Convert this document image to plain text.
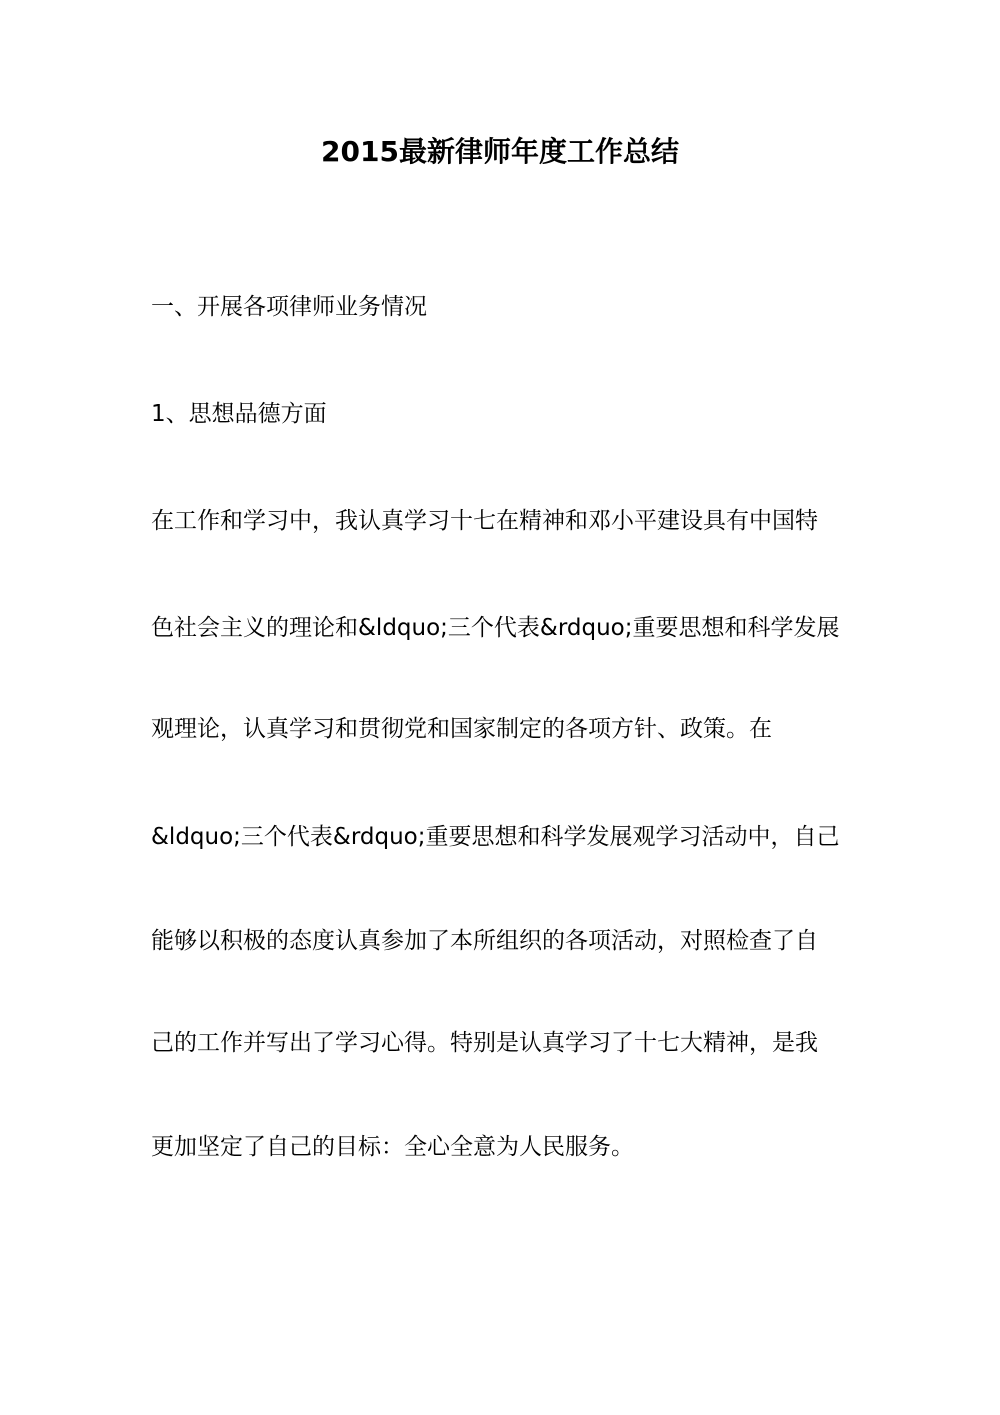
2015最新律师年度工作总结
一、开展各项律师业务情况
1、思想品德方面
在工作和学习中，我认真学习十七在精神和邓小平建设具有中国特
色社会主义的理论和&ldquo;三个代表&rdquo;重要思想和科学发展
观理论，认真学习和贯彻党和国家制定的各项方针、政策。在
&ldquo;三个代表&rdquo;重要思想和科学发展观学习活动中，自己
能够以积极的态度认真参加了本所组织的各项活动，对照检查了自
己的工作并写出了学习心得。特别是认真学习了十七大精神，是我
更加坚定了自己的目标：全心全意为人民服务。
